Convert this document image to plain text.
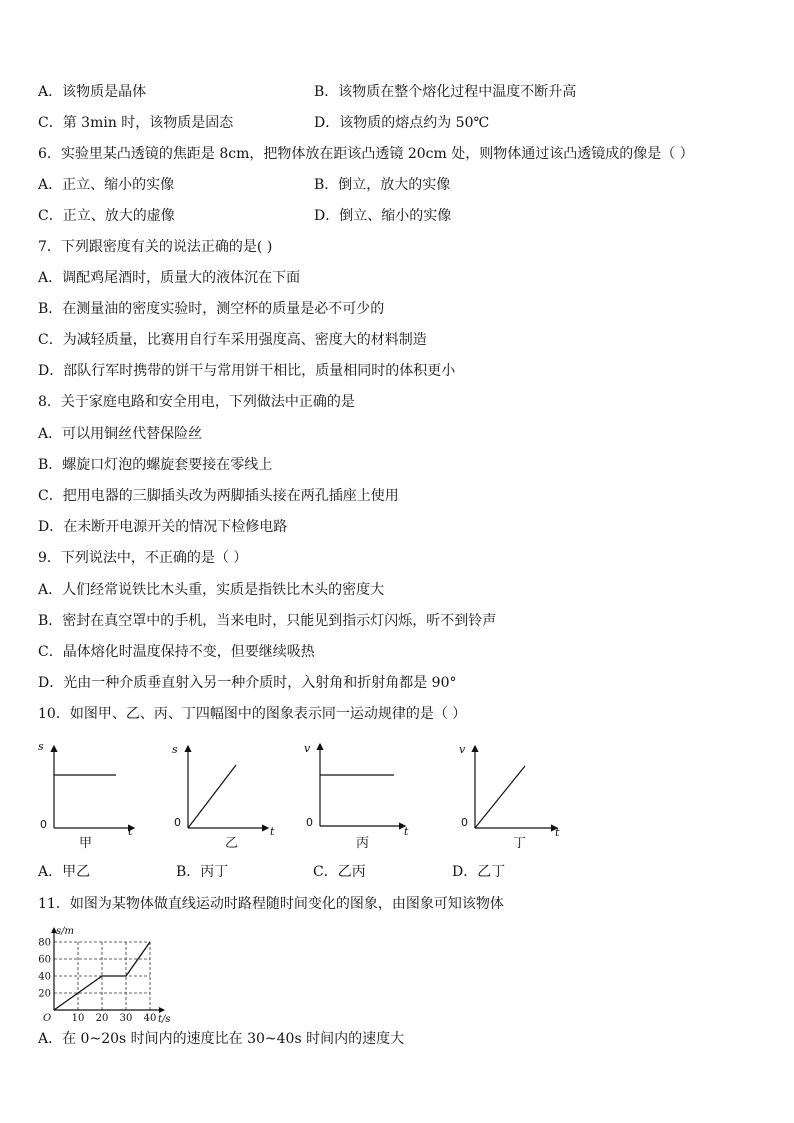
A．该物质是晶体	B．该物质在整个熔化过程中温度不断升高
C．第 3min 时，该物质是固态	D．该物质的熔点约为 50℃
6．实验里某凸透镜的焦距是 8cm，把物体放在距该凸透镜 20cm 处，则物体通过该凸透镜成的像是（ ）
A．正立、缩小的实像	B．倒立，放大的实像
C．正立、放大的虚像	D．倒立、缩小的实像
7．下列跟密度有关的说法正确的是( )
A．调配鸡尾酒时，质量大的液体沉在下面
B．在测量油的密度实验时，测空杯的质量是必不可少的
C．为减轻质量，比赛用自行车采用强度高、密度大的材料制造
D．部队行军时携带的饼干与常用饼干相比，质量相同时的体积更小
8．关于家庭电路和安全用电，下列做法中正确的是
A．可以用铜丝代替保险丝
B．螺旋口灯泡的螺旋套要接在零线上
C．把用电器的三脚插头改为两脚插头接在两孔插座上使用
D．在未断开电源开关的情况下检修电路
9．下列说法中，不正确的是（ ）
A．人们经常说铁比木头重，实质是指铁比木头的密度大
B．密封在真空罩中的手机，当来电时，只能见到指示灯闪烁，听不到铃声
C．晶体熔化时温度保持不变，但要继续吸热
D．光由一种介质垂直射入另一种介质时，入射角和折射角都是 90°
10．如图甲、乙、丙、丁四幅图中的图象表示同一运动规律的是（ ）
s
t
0
甲
s
t
0
乙
v
t
0
丙
v
t
0
丁
A．甲乙	B．丙丁	C．乙丙	D．乙丁
11．如图为某物体做直线运动时路程随时间变化的图象，由图象可知该物体
10 20 30 40
20
40
60
80
s/m
t/s
O
A．在 0~20s 时间内的速度比在 30~40s 时间内的速度大
